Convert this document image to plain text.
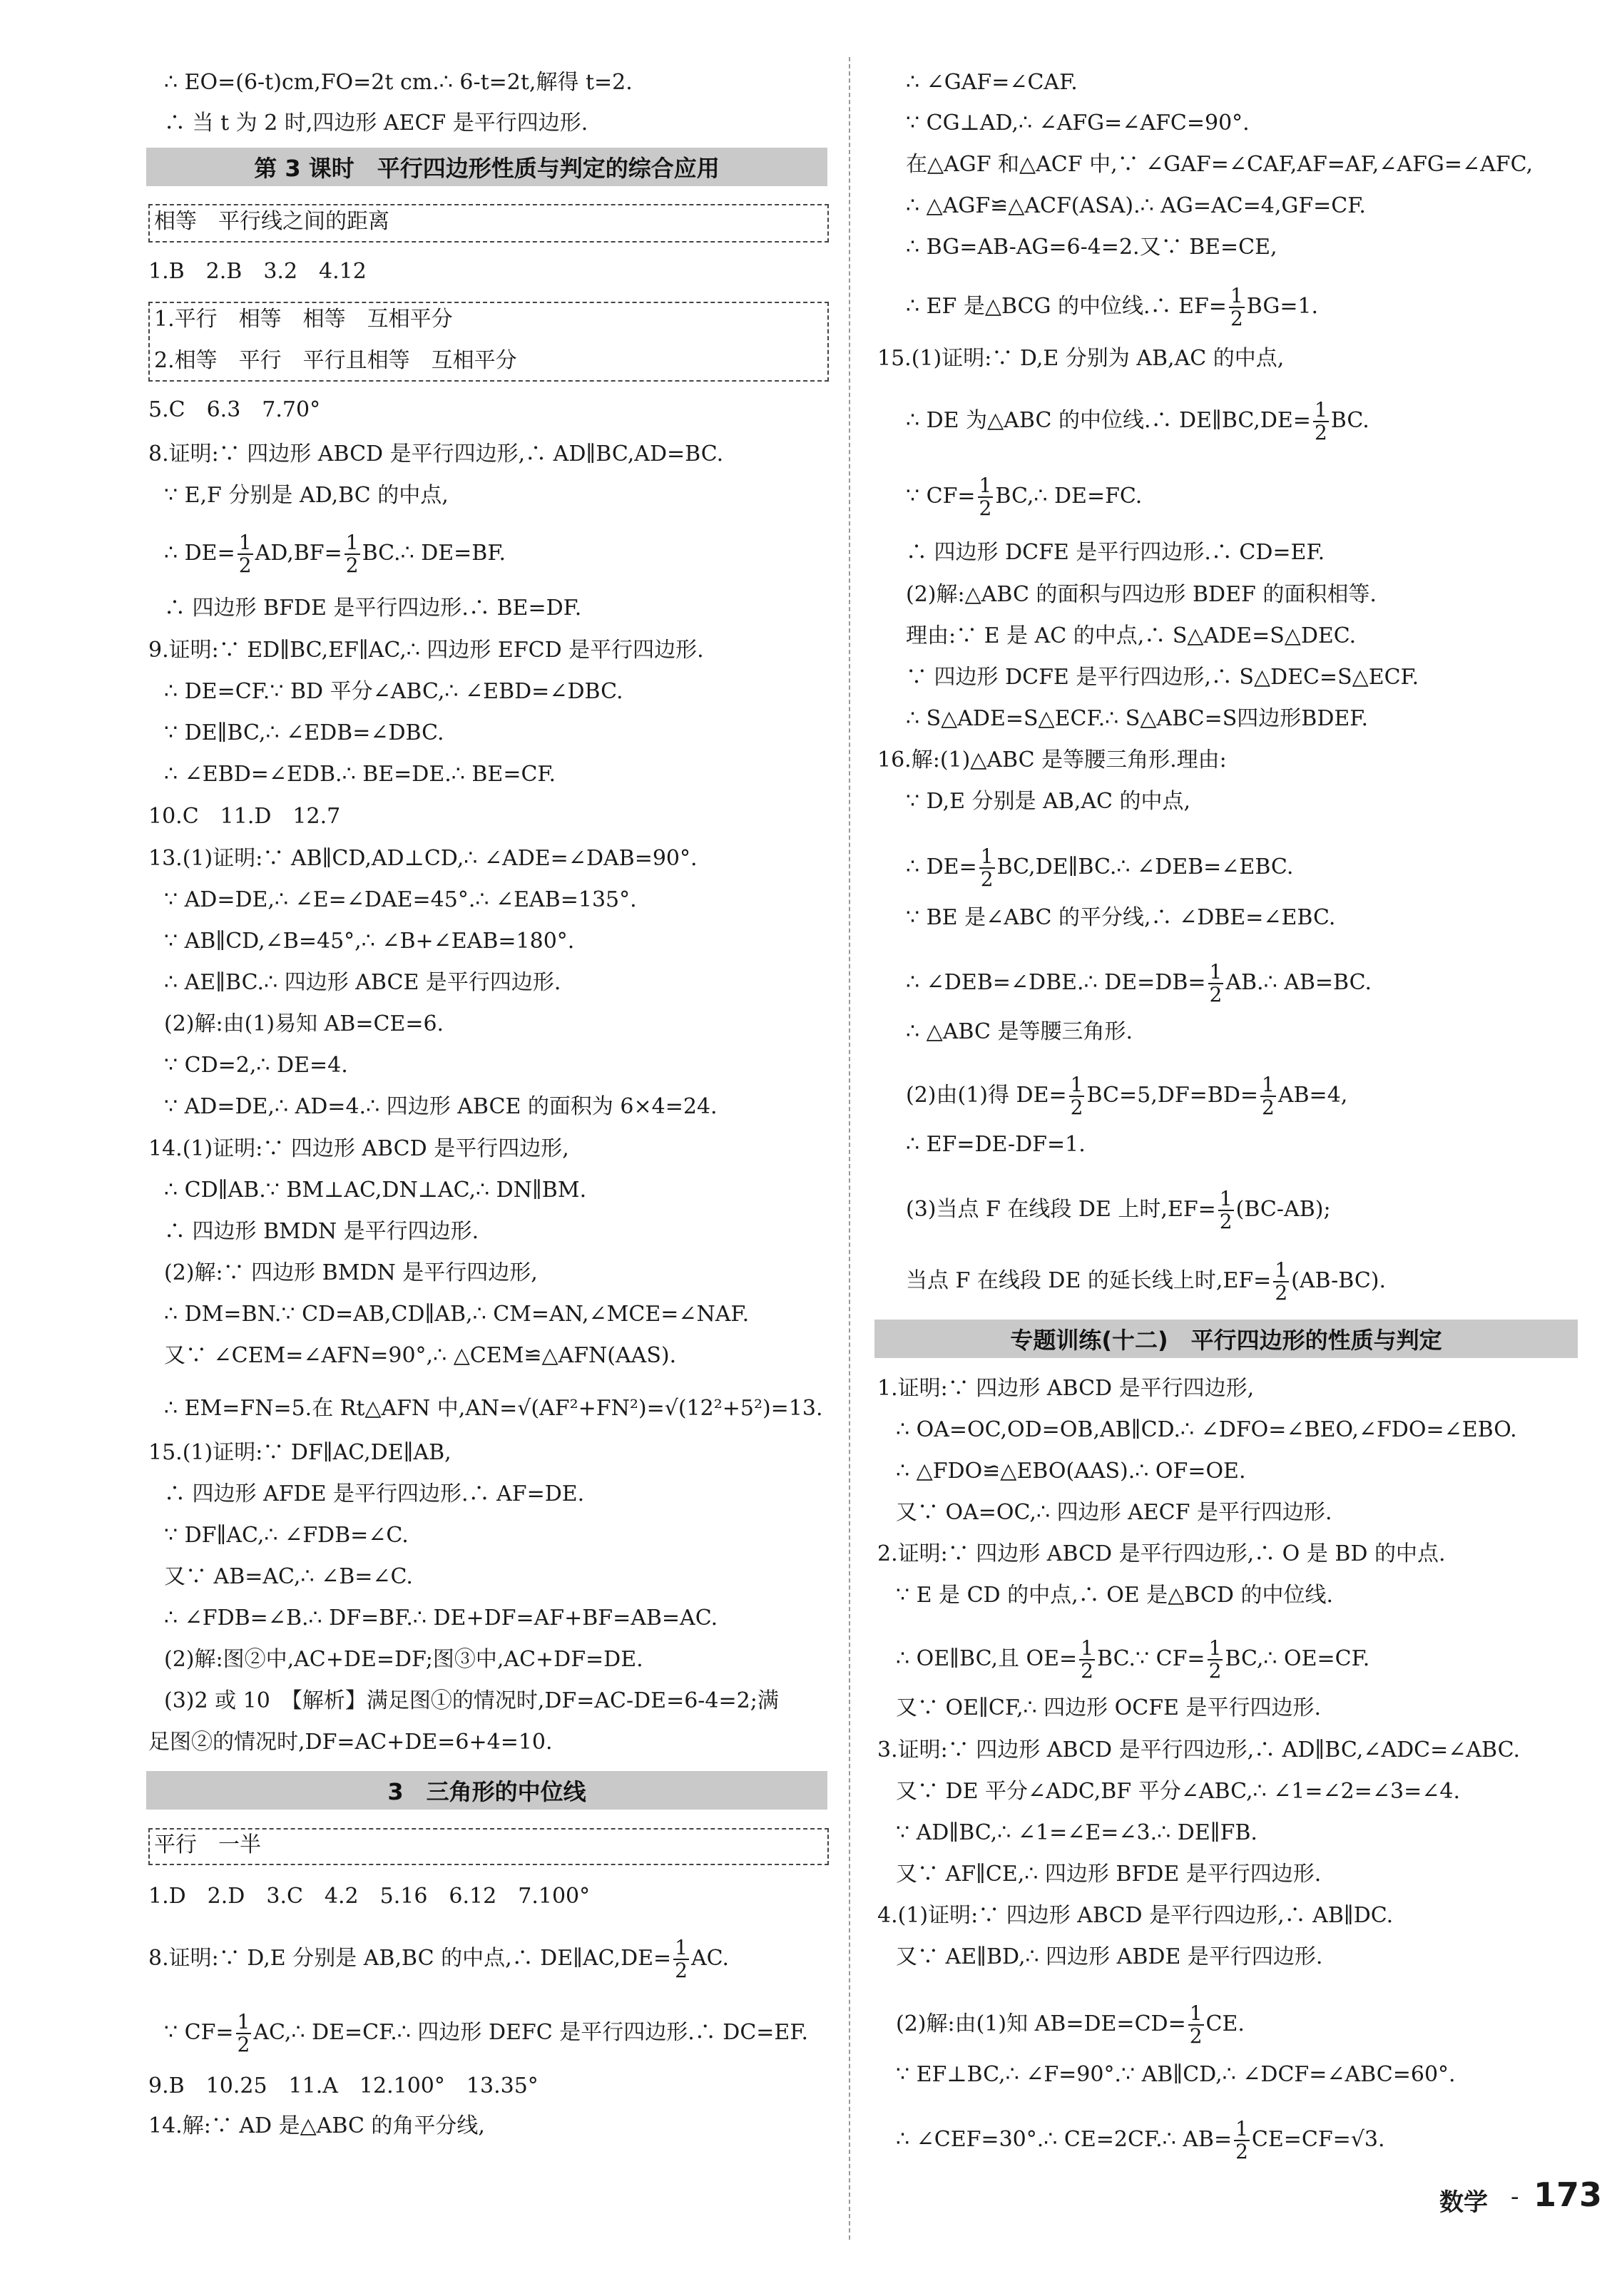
∴ EO=(6-t)cm,FO=2t cm.∴ 6-t=2t,解得 t=2.
∴ 当 t 为 2 时,四边形 AECF 是平行四边形.
第 3 课时　平行四边形性质与判定的综合应用
相等　平行线之间的距离
1.B　2.B　3.2　4.12
1.平行　相等　相等　互相平分
2.相等　平行　平行且相等　互相平分
5.C　6.3　7.70°
8.证明:∵ 四边形 ABCD 是平行四边形,∴ AD∥BC,AD=BC.
∵ E,F 分别是 AD,BC 的中点,
∴ $DE= \frac{1}{2} AD,BF= \frac{1}{2}$ BC.∴ DE=BF.
∴ 四边形 BFDE 是平行四边形.∴ BE=DF.
9.证明:∵ ED∥BC,EF∥AC,∴ 四边形 EFCD 是平行四边形.
∴ DE=CF.∵ BD 平分∠ABC,∴ ∠EBD=∠DBC.
∵ DE∥BC,∴ ∠EDB=∠DBC.
∴ ∠EBD=∠EDB.∴ BE=DE.∴ BE=CF.
10.C　11.D　12.7
13.(1)证明:∵ AB∥CD,AD⊥CD,∴ ∠ADE=∠DAB=90°.
∵ AD=DE,∴ ∠E=∠DAE=45°.∴ ∠EAB=135°.
∵ AB∥CD,∠B=45°,∴ ∠B+∠EAB=180°.
∴ AE∥BC.∴ 四边形 ABCE 是平行四边形.
(2)解:由(1)易知 AB=CE=6.
∵ CD=2,∴ DE=4.
∵ AD=DE,∴ AD=4.∴ 四边形 ABCE 的面积为 6×4=24.
14.(1)证明:∵ 四边形 ABCD 是平行四边形,
∴ CD∥AB.∵ BM⊥AC,DN⊥AC,∴ DN∥BM.
∴ 四边形 BMDN 是平行四边形.
(2)解:∵ 四边形 BMDN 是平行四边形,
∴ DM=BN.∵ CD=AB,CD∥AB,∴ CM=AN,∠MCE=∠NAF.
又∵ ∠CEM=∠AFN=90°,∴ △CEM≌△AFN(AAS).
∴ EM=FN=5.在 Rt△AFN 中,AN=√(AF²+FN²)=√(12²+5²)=13.
15.(1)证明:∵ DF∥AC,DE∥AB,
∴ 四边形 AFDE 是平行四边形.∴ AF=DE.
∵ DF∥AC,∴ ∠FDB=∠C.
又∵ AB=AC,∴ ∠B=∠C.
∴ ∠FDB=∠B.∴ DF=BF.∴ DE+DF=AF+BF=AB=AC.
(2)解:图②中,AC+DE=DF;图③中,AC+DF=DE.
(3)2 或 10　【解析】满足图①的情况时,DF=AC-DE=6-4=2;满
足图②的情况时,DF=AC+DE=6+4=10.
3　三角形的中位线
平行　一半
1.D　2.D　3.C　4.2　5.16　6.12　7.100°
8.证明:∵ D,E 分别是 AB,BC 的中点,∴ DE∥AC,DE= $\frac{1}{2}$ AC.
∵ $CF= \frac{1}{2}$ AC,∴ DE=CF.∴ 四边形 DEFC 是平行四边形.∴ DC=EF.
9.B　10.25　11.A　12.100°　13.35°
14.解:∵ AD 是△ABC 的角平分线,
∴ ∠GAF=∠CAF.
∵ CG⊥AD,∴ ∠AFG=∠AFC=90°.
在△AGF 和△ACF 中,∵ ∠GAF=∠CAF,AF=AF,∠AFG=∠AFC,
∴ △AGF≌△ACF(ASA).∴ AG=AC=4,GF=CF.
∴ BG=AB-AG=6-4=2.又∵ BE=CE,
∴ EF 是△BCG 的中位线.∴ $EF= \frac{1}{2} BG=1$.
15.(1)证明:∵ D,E 分别为 AB,AC 的中点,
∴ DE 为△ABC 的中位线.∴ DE∥BC,DE= $\frac{1}{2}$ BC.
∵ $CF= \frac{1}{2}$ BC,∴ DE=FC.
∴ 四边形 DCFE 是平行四边形.∴ CD=EF.
(2)解:△ABC 的面积与四边形 BDEF 的面积相等.
理由:∵ E 是 AC 的中点,∴ S△ADE=S△DEC.
∵ 四边形 DCFE 是平行四边形,∴ S△DEC=S△ECF.
∴ S△ADE=S△ECF.∴ S△ABC=S四边形BDEF.
16.解:(1)△ABC 是等腰三角形.理由:
∵ D,E 分别是 AB,AC 的中点,
∴ $DE= \frac{1}{2}$ BC,DE∥BC.∴ ∠DEB=∠EBC.
∵ BE 是∠ABC 的平分线,∴ ∠DBE=∠EBC.
∴ ∠DEB=∠DBE.∴ $DE=DB= \frac{1}{2}$ AB.∴ AB=BC.
∴ △ABC 是等腰三角形.
(2)由(1)得 $DE= \frac{1}{2} BC=5,DF=BD= \frac{1}{2} AB=4$,
∴ EF=DE-DF=1.
(3)当点 F 在线段 DE 上时$,EF= \frac{1}{2} (BC-AB)$;
当点 F 在线段 DE 的延长线上时$,EF= \frac{1}{2} (AB-BC)$.
专题训练(十二)　平行四边形的性质与判定
1.证明:∵ 四边形 ABCD 是平行四边形,
∴ OA=OC,OD=OB,AB∥CD.∴ ∠DFO=∠BEO,∠FDO=∠EBO.
∴ △FDO≌△EBO(AAS).∴ OF=OE.
又∵ OA=OC,∴ 四边形 AECF 是平行四边形.
2.证明:∵ 四边形 ABCD 是平行四边形,∴ O 是 BD 的中点.
∵ E 是 CD 的中点,∴ OE 是△BCD 的中位线.
∴ OE∥BC,且 $OE= \frac{1}{2}$ BC.∵ $CF= \frac{1}{2}$ BC,∴ OE=CF.
又∵ OE∥CF,∴ 四边形 OCFE 是平行四边形.
3.证明:∵ 四边形 ABCD 是平行四边形,∴ AD∥BC,∠ADC=∠ABC.
又∵ DE 平分∠ADC,BF 平分∠ABC,∴ ∠1=∠2=∠3=∠4.
∵ AD∥BC,∴ ∠1=∠E=∠3.∴ DE∥FB.
又∵ AF∥CE,∴ 四边形 BFDE 是平行四边形.
4.(1)证明:∵ 四边形 ABCD 是平行四边形,∴ AB∥DC.
又∵ AE∥BD,∴ 四边形 ABDE 是平行四边形.
(2)解:由(1)知 $AB=DE=CD= \frac{1}{2}$ CE.
∵ EF⊥BC,∴ ∠F=90°.∵ AB∥CD,∴ ∠DCF=∠ABC=60°.
∴ ∠CEF=30°.∴ CE=2CF.∴ $AB= \frac{1}{2} CE=CF=√3$.
数学 - 173
